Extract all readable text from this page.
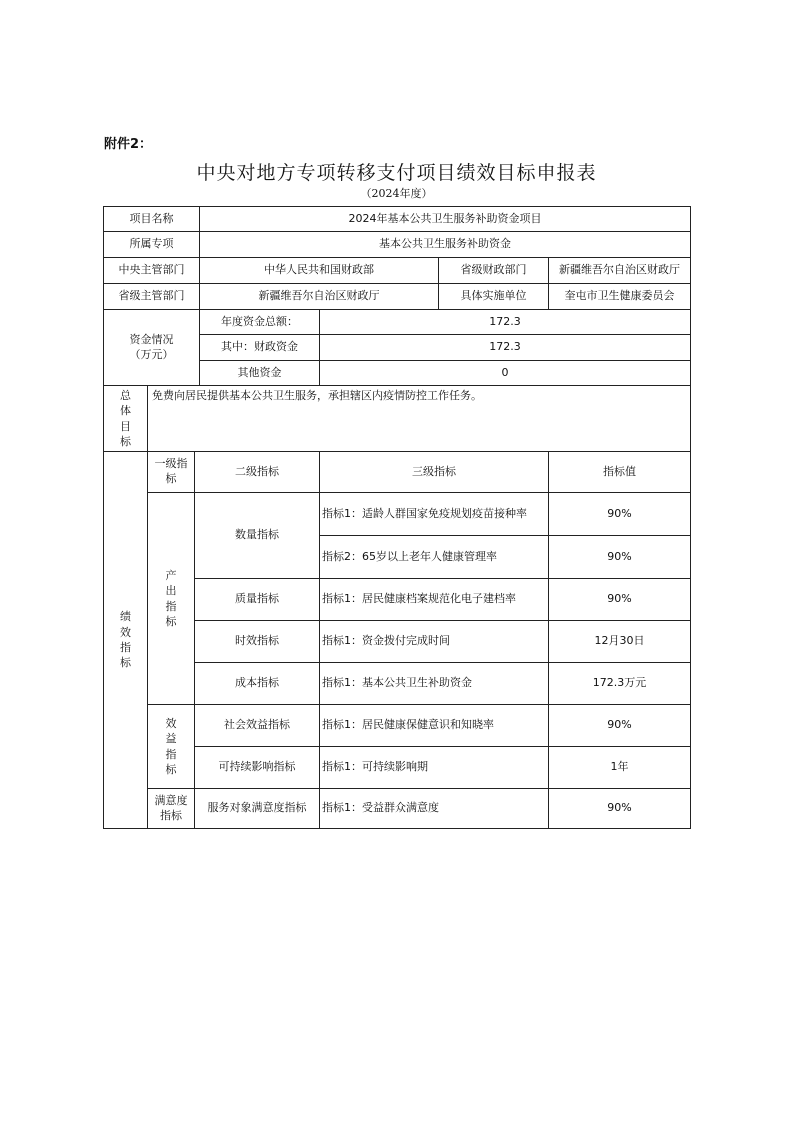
附件2：
中央对地方专项转移支付项目绩效目标申报表
（2024年度）
项目名称			2024年基本公共卫生服务补助资金项目			
所属专项			基本公共卫生服务补助资金			
中央主管部门			中华人民共和国财政部		省级财政部门	新疆维吾尔自治区财政厅
省级主管部门			新疆维吾尔自治区财政厅		具体实施单位	奎屯市卫生健康委员会

资金情况
（万元）			年度资金总额：	172.3		
			其中：财政资金	172.3		
			其他资金	0		

总体目标	免费向居民提供基本公共卫生服务，承担辖区内疫情防控工作任务。					

绩效指标	一级指标	二级指标		三级指标		指标值

	产出指标	数量指标		指标1：适龄人群国家免疫规划疫苗接种率		90%
				指标2：65岁以上老年人健康管理率		90%
		质量指标		指标1：居民健康档案规范化电子建档率		90%
		时效指标		指标1：资金拨付完成时间		12月30日
		成本指标		指标1：基本公共卫生补助资金		172.3万元

	效益指标	社会效益指标		指标1：居民健康保健意识和知晓率		90%
		可持续影响指标		指标1：可持续影响期		1年
	满意度指标	服务对象满意度指标		指标1：受益群众满意度		90%
